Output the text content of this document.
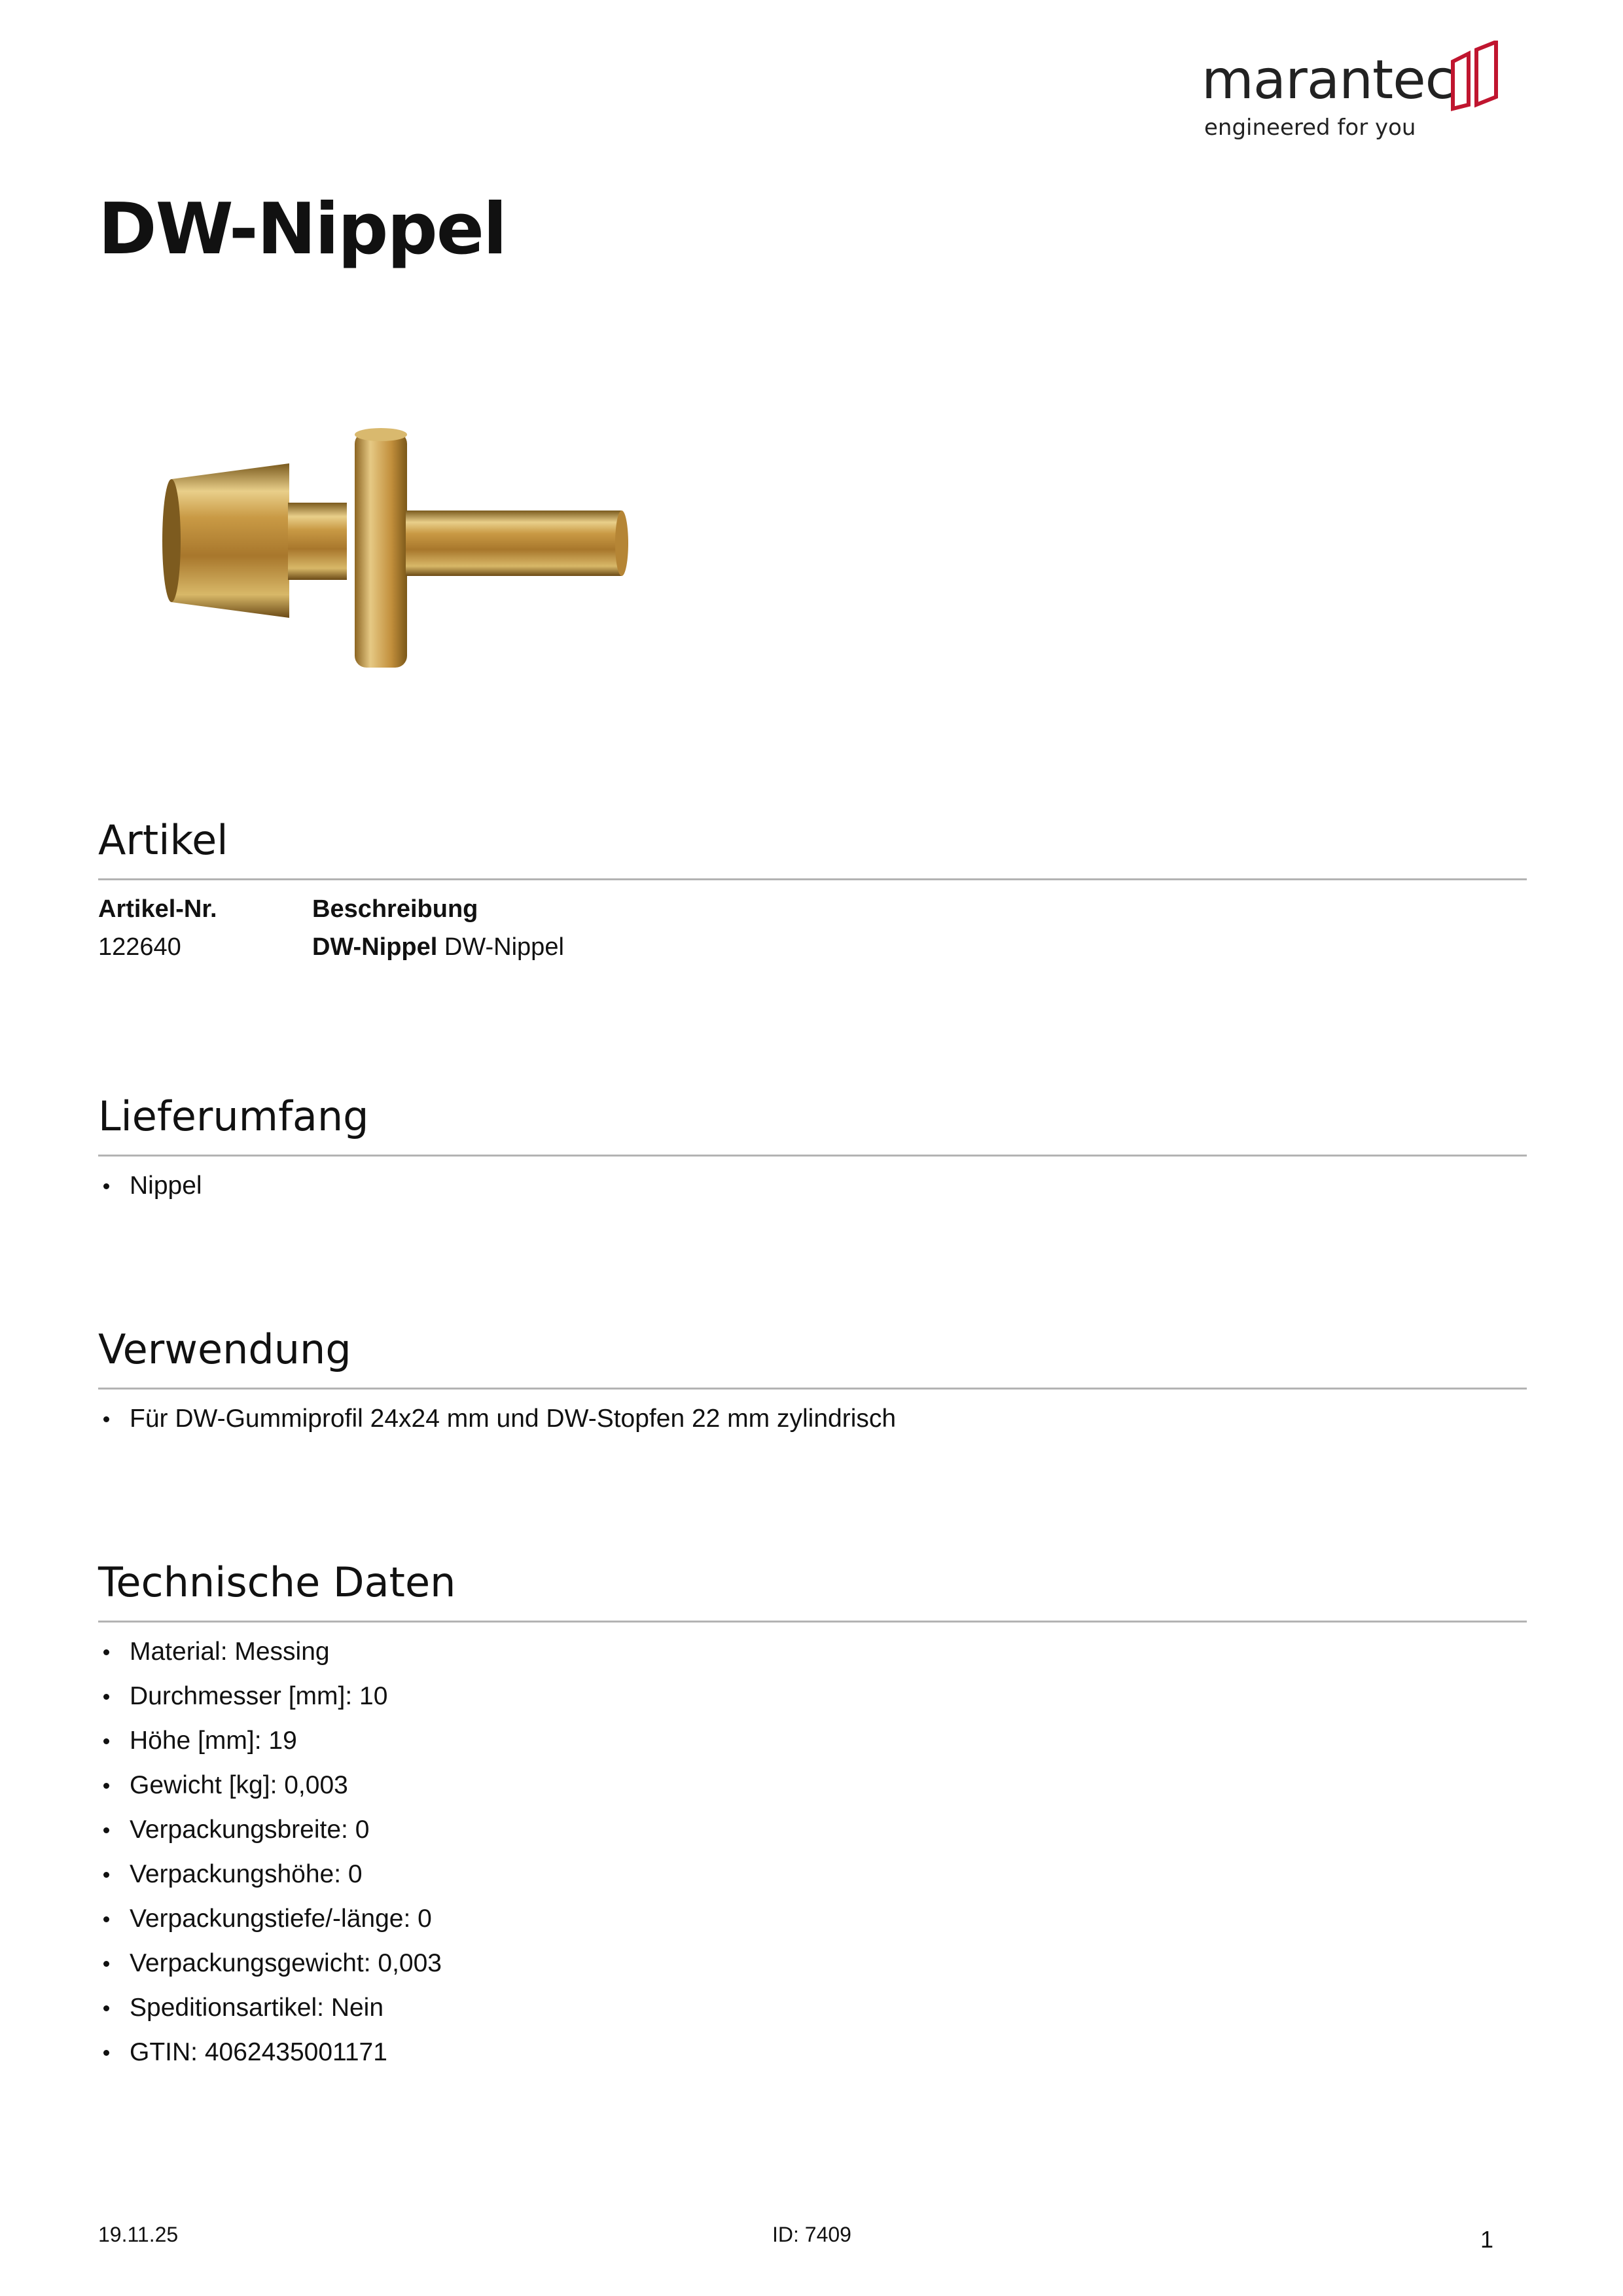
marantec
engineered for you
DW-Nippel
Artikel
Artikel-Nr.	Beschreibung
122640	DW-Nippel DW-Nippel
Lieferumfang
Nippel
Verwendung
Für DW-Gummiprofil 24x24 mm und DW-Stopfen 22 mm zylindrisch
Technische Daten
Material: Messing
Durchmesser [mm]: 10
Höhe [mm]: 19
Gewicht [kg]: 0,003
Verpackungsbreite: 0
Verpackungshöhe: 0
Verpackungstiefe/-länge: 0
Verpackungsgewicht: 0,003
Speditionsartikel: Nein
GTIN: 4062435001171
19.11.25	ID: 7409	1
